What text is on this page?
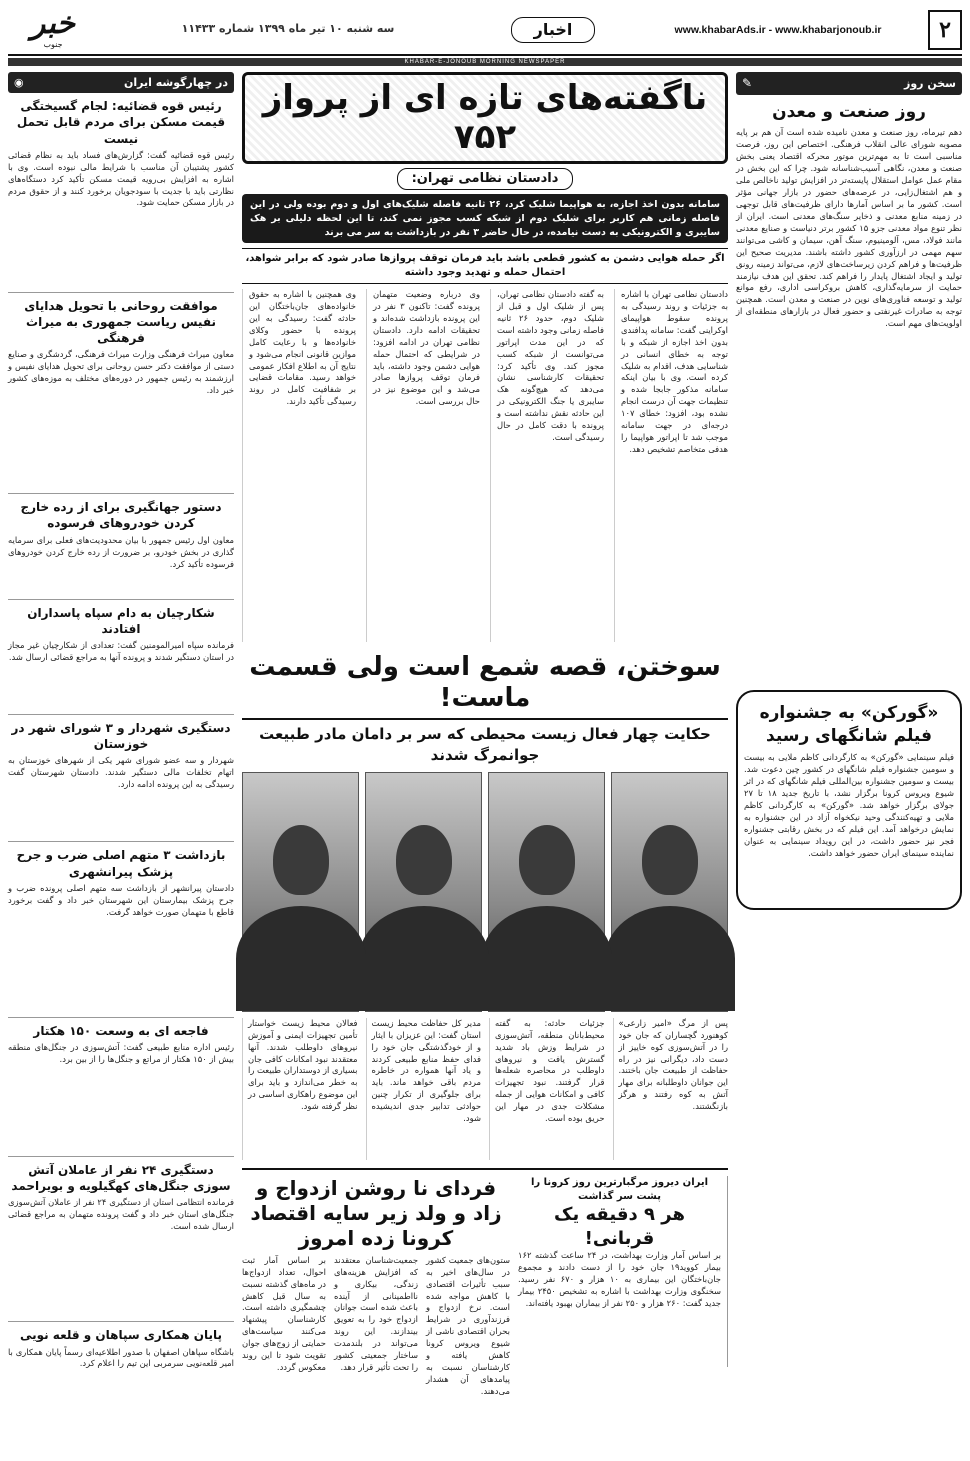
۲
www.khabarAds.ir - www.khabarjonoub.ir
اخبار
سه شنبه ۱۰ تیر ماه ۱۳۹۹ شماره ۱۱۴۳۳
خبر
جنوب
KHABAR-E-JONOUB MORNING NEWSPAPER
سخن روز
✎
روز صنعت و معدن
دهم تیرماه، روز صنعت و معدن نامیده شده است آن هم بر پایه مصوبه شورای عالی انقلاب فرهنگی. اختصاص این روز، فرصت مناسبی است تا به مهم‌ترین موتور محرکه اقتصاد یعنی بخش صنعت و معدن، نگاهی آسیب‌شناسانه شود. چرا که این بخش در مقام عمل عوامل استقلال پایسته‌تر در افزایش تولید ناخالص ملی و هم اشتغال‌زایی، در عرصه‌های حضور در بازار جهانی مؤثر است. کشور ما بر اساس آمارها دارای ظرفیت‌های قابل توجهی در زمینه منابع معدنی و ذخایر سنگ‌های معدنی است. ایران از نظر تنوع مواد معدنی جزو ۱۵ کشور برتر دنیاست و صنایع معدنی مانند فولاد، مس، آلومینیوم، سنگ آهن، سیمان و کاشی می‌توانند سهم مهمی در ارزآوری کشور داشته باشند. مدیریت صحیح این ظرفیت‌ها و فراهم کردن زیرساخت‌های لازم، می‌تواند زمینه رونق تولید و ایجاد اشتغال پایدار را فراهم کند. تحقق این هدف نیازمند حمایت از سرمایه‌گذاری، کاهش بروکراسی اداری، رفع موانع تولید و توسعه فناوری‌های نوین در صنعت و معدن است. همچنین توجه به صادرات غیرنفتی و حضور فعال در بازارهای منطقه‌ای از اولویت‌های مهم است.
«گورکن» به جشنواره فیلم شانگهای رسید
فیلم سینمایی «گورکن» به کارگردانی کاظم ملایی به بیست و سومین جشنواره فیلم شانگهای در کشور چین دعوت شد. بیست و سومین جشنواره بین‌المللی فیلم شانگهای که در اثر شیوع ویروس کرونا برگزار نشد، با تاریخ جدید ۱۸ تا ۲۷ جولای برگزار خواهد شد. «گورکن» به کارگردانی کاظم ملایی و تهیه‌کنندگی وحید نیکخواه آزاد در این جشنواره به نمایش درخواهد آمد. این فیلم که در بخش رقابتی جشنواره فجر نیز حضور داشت، در این رویداد سینمایی به عنوان نماینده سینمای ایران حضور خواهد داشت.
ناگفته‌های تازه ای از پرواز ۷۵۲
دادستان نظامی تهران:
سامانه بدون اخذ اجازه، به هواپیما شلیک کرد، ۲۶ ثانیه فاصله شلیک‌های اول و دوم بوده ولی در این فاصله زمانی هم کاربر برای شلیک دوم از شبکه کسب مجوز نمی کند، تا این لحظه دلیلی بر هک سایبری و الکترونیکی به دست نیامده، در حال حاضر ۳ نفر در بازداشت به سر می برند
اگر حمله هوایی دشمن به کشور قطعی باشد باید فرمان توقف پرواز‌ها صادر شود که برابر شواهد، احتمال حمله و تهدید وجود داشته
دادستان نظامی تهران با اشاره به جزئیات و روند رسیدگی به پرونده سقوط هواپیمای اوکراینی گفت: سامانه پدافندی بدون اخذ اجازه از شبکه و با توجه به خطای انسانی در شناسایی هدف، اقدام به شلیک کرده است. وی با بیان اینکه سامانه مذکور جابجا شده و تنظیمات جهت آن درست انجام نشده بود، افزود: خطای ۱۰۷ درجه‌ای در جهت سامانه موجب شد تا اپراتور هواپیما را هدفی متخاصم تشخیص دهد.
به گفته دادستان نظامی تهران، پس از شلیک اول و قبل از شلیک دوم، حدود ۲۶ ثانیه فاصله زمانی وجود داشته است که در این مدت اپراتور می‌توانست از شبکه کسب مجوز کند. وی تأکید کرد: تحقیقات کارشناسی نشان می‌دهد که هیچ‌گونه هک سایبری یا جنگ الکترونیکی در این حادثه نقش نداشته است و پرونده با دقت کامل در حال رسیدگی است.
وی درباره وضعیت متهمان پرونده گفت: تاکنون ۳ نفر در این پرونده بازداشت شده‌اند و تحقیقات ادامه دارد. دادستان نظامی تهران در ادامه افزود: در شرایطی که احتمال حمله هوایی دشمن وجود داشته، باید فرمان توقف پروازها صادر می‌شد و این موضوع نیز در حال بررسی است.
وی همچنین با اشاره به حقوق خانواده‌های جان‌باختگان این حادثه گفت: رسیدگی به این پرونده با حضور وکلای خانواده‌ها و با رعایت کامل موازین قانونی انجام می‌شود و نتایج آن به اطلاع افکار عمومی خواهد رسید. مقامات قضایی بر شفافیت کامل در روند رسیدگی تأکید دارند.
سوختن، قصه شمع است ولی قسمت ماست!
حکایت چهار فعال زیست محیطی که سر بر دامان مادر طبیعت جوانمرگ شدند
پس از مرگ «امیر زارعی» کوهنورد گچساران که جان خود را در آتش‌سوزی کوه خاییز از دست داد، دیگرانی نیز در راه حفاظت از طبیعت جان باختند. این جوانان داوطلبانه برای مهار آتش به کوه رفتند و هرگز بازنگشتند.
جزئیات حادثه: به گفته محیط‌بانان منطقه، آتش‌سوزی در شرایط وزش باد شدید گسترش یافت و نیروهای داوطلب در محاصره شعله‌ها قرار گرفتند. نبود تجهیزات کافی و امکانات هوایی از جمله مشکلات جدی در مهار این حریق بوده است.
مدیر کل حفاظت محیط زیست استان گفت: این عزیزان با ایثار و از خودگذشتگی جان خود را فدای حفظ منابع طبیعی کردند و یاد آنها همواره در خاطره مردم باقی خواهد ماند. باید برای جلوگیری از تکرار چنین حوادثی تدابیر جدی اندیشیده شود.
فعالان محیط زیست خواستار تأمین تجهیزات ایمنی و آموزش نیروهای داوطلب شدند. آنها معتقدند نبود امکانات کافی جان بسیاری از دوستداران طبیعت را به خطر می‌اندازد و باید برای این موضوع راهکاری اساسی در نظر گرفته شود.
ایران دیروز مرگبارترین روز کرونا را پشت سر گذاشت
هر ۹ دقیقه یک قربانی!
بر اساس آمار وزارت بهداشت، در ۲۴ ساعت گذشته ۱۶۲ بیمار کووید۱۹ جان خود را از دست دادند و مجموع جان‌باختگان این بیماری به ۱۰ هزار و ۶۷۰ نفر رسید. سخنگوی وزارت بهداشت با اشاره به تشخیص ۲۴۵۰ بیمار جدید گفت: ۲۶۰ هزار و ۲۵۰ نفر از بیماران بهبود یافته‌اند.
فردای نا روشن ازدواج و زاد و ولد زیر سایه اقتصاد کرونا زده امروز
ستون‌های جمعیت کشور در سال‌های اخیر به سبب تأثیرات اقتصادی با کاهش مواجه شده است. نرخ ازدواج و فرزندآوری در شرایط بحران اقتصادی ناشی از شیوع ویروس کرونا کاهش یافته و کارشناسان نسبت به پیامدهای آن هشدار می‌دهند.
جمعیت‌شناسان معتقدند که افزایش هزینه‌های زندگی، بیکاری و نااطمینانی از آینده باعث شده است جوانان ازدواج خود را به تعویق بیندازند. این روند می‌تواند در بلندمدت ساختار جمعیتی کشور را تحت تأثیر قرار دهد.
بر اساس آمار ثبت احوال، تعداد ازدواج‌ها در ماه‌های گذشته نسبت به سال قبل کاهش چشمگیری داشته است. کارشناسان پیشنهاد می‌کنند سیاست‌های حمایتی از زوج‌های جوان تقویت شود تا این روند معکوس گردد.
در چهارگوشه ایران
◉
رئیس قوه قضائیه: لجام گسیختگی قیمت مسکن برای مردم قابل تحمل نیست
رئیس قوه قضائیه گفت: گزارش‌های فساد باید به نظام قضائی کشور پشتیبان آن مناسب با شرایط مالی نبوده است. وی با اشاره به افزایش بی‌رویه قیمت مسکن تأکید کرد دستگاه‌های نظارتی باید با جدیت با سودجویان برخورد کنند و از حقوق مردم در بازار مسکن حمایت شود.
موافقت روحانی با تحویل هدایای نفیس ریاست جمهوری به میراث فرهنگی
معاون میراث فرهنگی وزارت میراث فرهنگی، گردشگری و صنایع دستی از موافقت دکتر حسن روحانی برای تحویل هدایای نفیس و ارزشمند به رئیس جمهور در دوره‌های مختلف به موزه‌های کشور خبر داد.
دستور جهانگیری برای از رده خارج کردن خودروهای فرسوده
معاون اول رئیس جمهور با بیان محدودیت‌های فعلی برای سرمایه گذاری در بخش خودرو، بر ضرورت از رده خارج کردن خودروهای فرسوده تأکید کرد.
شکارچیان به دام سپاه پاسداران افتادند
فرمانده سپاه امیرالمومنین گفت: تعدادی از شکارچیان غیر مجاز در استان دستگیر شدند و پرونده آنها به مراجع قضائی ارسال شد.
دستگیری شهردار و ۳ شورای شهر در خوزستان
شهردار و سه عضو شورای شهر یکی از شهرهای خوزستان به اتهام تخلفات مالی دستگیر شدند. دادستان شهرستان گفت رسیدگی به این پرونده ادامه دارد.
بازداشت ۳ متهم اصلی ضرب و جرح پزشک پیرانشهری
دادستان پیرانشهر از بازداشت سه متهم اصلی پرونده ضرب و جرح پزشک بیمارستان این شهرستان خبر داد و گفت برخورد قاطع با متهمان صورت خواهد گرفت.
فاجعه ای به وسعت ۱۵۰ هکتار
رئیس اداره منابع طبیعی گفت: آتش‌سوزی در جنگل‌های منطقه بیش از ۱۵۰ هکتار از مراتع و جنگل‌ها را از بین برد.
دستگیری ۲۴ نفر از عاملان آتش سوزی جنگل‌های کهگیلویه و بویراحمد
فرمانده انتظامی استان از دستگیری ۲۴ نفر از عاملان آتش‌سوزی جنگل‌های استان خبر داد و گفت پرونده متهمان به مراجع قضائی ارسال شده است.
پایان همکاری سپاهان و قلعه نویی
باشگاه سپاهان اصفهان با صدور اطلاعیه‌ای رسماً پایان همکاری با امیر قلعه‌نویی سرمربی این تیم را اعلام کرد.
